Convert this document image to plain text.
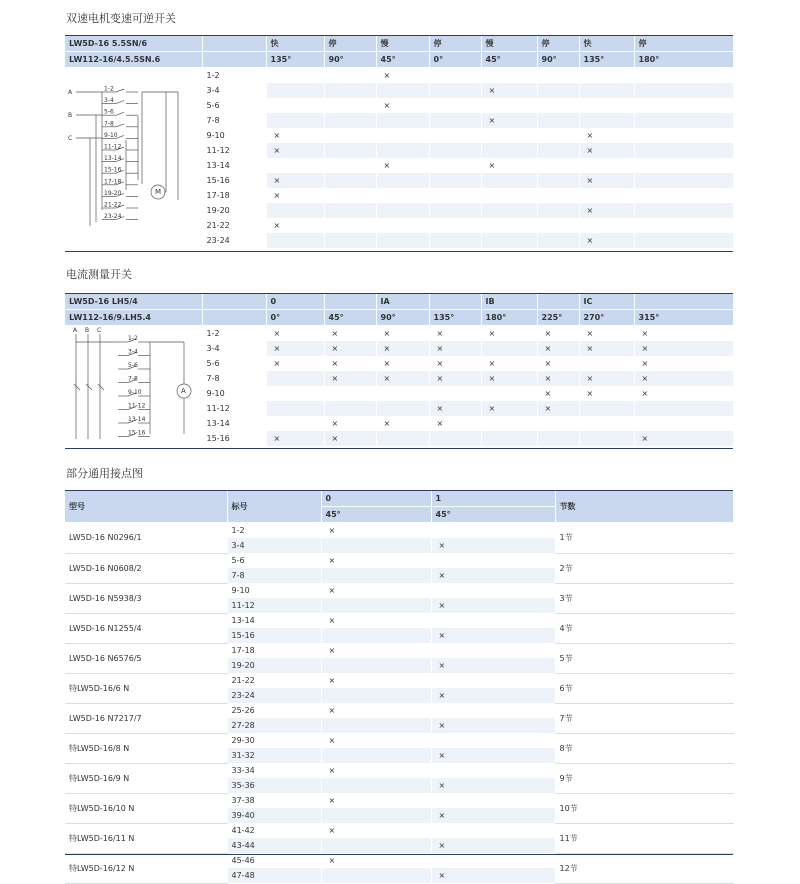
双速电机变速可逆开关
LW5D-16 5.5SN/6		快	停	慢	停	慢	停	快	停
LW112-16/4.5.5SN.6		135°	90°	45°	0°	45°	90°	135°	180°
	1-2			×					
	3-4					×			
	5-6			×					
	7-8					×			
	9-10	×						×	
	11-12	×						×	
	13-14			×		×			
	15-16	×						×	
	17-18	×							
	19-20							×	
	21-22	×							
	23-24							×	
A
B
C
M
1-2
3-4
5-6
7-8
9-10
11-12
13-14
15-16
17-18
19-20
21-22
23-24
电流测量开关
LW5D-16 LH5/4		0		IA		IB		IC	
LW112-16/9.LH5.4		0°	45°	90°	135°	180°	225°	270°	315°
	1-2	×	×	×	×	×	×	×	×
	3-4	×	×	×	×		×	×	×
	5-6	×	×	×	×	×	×		×
	7-8		×	×	×	×	×	×	×
	9-10						×	×	×
	11-12				×	×	×		
	13-14		×	×	×				
	15-16	×	×						×
A B C
A
1-2
3-4
5-6
7-8
9-10
11-12
13-14
15-16
部分通用接点图
型号	标号	0	1	节数
		45°	45°	
LW5D-16 N0296/1	1-2	×		1节
	3-4		×	
LW5D-16 N0608/2	5-6	×		2节
	7-8		×	
LW5D-16 N5938/3	9-10	×		3节
	11-12		×	
LW5D-16 N1255/4	13-14	×		4节
	15-16		×	
LW5D-16 N6576/5	17-18	×		5节
	19-20		×	
特LW5D-16/6 N	21-22	×		6节
	23-24		×	
LW5D-16 N7217/7	25-26	×		7节
	27-28		×	
特LW5D-16/8 N	29-30	×		8节
	31-32		×	
特LW5D-16/9 N	33-34	×		9节
	35-36		×	
特LW5D-16/10 N	37-38	×		10节
	39-40		×	
特LW5D-16/11 N	41-42	×		11节
	43-44		×	
特LW5D-16/12 N	45-46	×		12节
	47-48		×	
